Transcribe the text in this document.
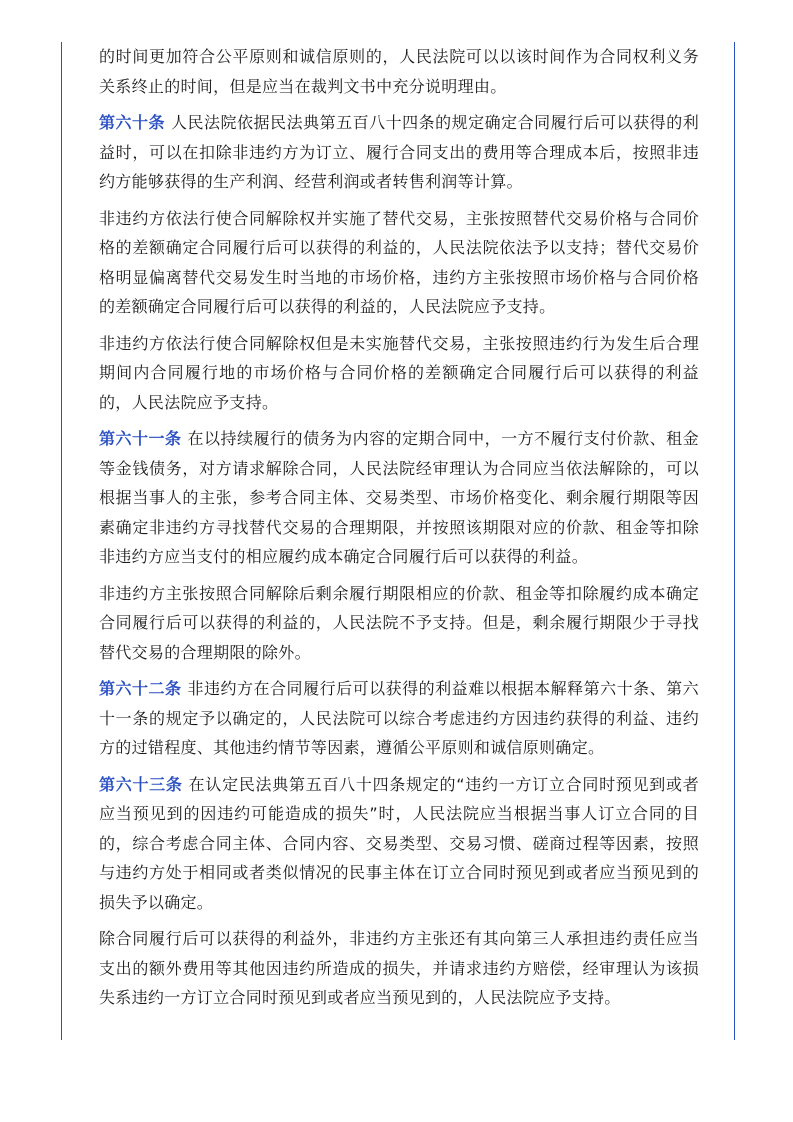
的时间更加符合公平原则和诚信原则的，人民法院可以以该时间作为合同权利义务关系终止的时间，但是应当在裁判文书中充分说明理由。

第六十条 人民法院依据民法典第五百八十四条的规定确定合同履行后可以获得的利益时，可以在扣除非违约方为订立、履行合同支出的费用等合理成本后，按照非违约方能够获得的生产利润、经营利润或者转售利润等计算。

非违约方依法行使合同解除权并实施了替代交易，主张按照替代交易价格与合同价格的差额确定合同履行后可以获得的利益的，人民法院依法予以支持；替代交易价格明显偏离替代交易发生时当地的市场价格，违约方主张按照市场价格与合同价格的差额确定合同履行后可以获得的利益的，人民法院应予支持。

非违约方依法行使合同解除权但是未实施替代交易，主张按照违约行为发生后合理期间内合同履行地的市场价格与合同价格的差额确定合同履行后可以获得的利益的，人民法院应予支持。

第六十一条 在以持续履行的债务为内容的定期合同中，一方不履行支付价款、租金等金钱债务，对方请求解除合同，人民法院经审理认为合同应当依法解除的，可以根据当事人的主张，参考合同主体、交易类型、市场价格变化、剩余履行期限等因素确定非违约方寻找替代交易的合理期限，并按照该期限对应的价款、租金等扣除非违约方应当支付的相应履约成本确定合同履行后可以获得的利益。

非违约方主张按照合同解除后剩余履行期限相应的价款、租金等扣除履约成本确定合同履行后可以获得的利益的，人民法院不予支持。但是，剩余履行期限少于寻找替代交易的合理期限的除外。

第六十二条 非违约方在合同履行后可以获得的利益难以根据本解释第六十条、第六十一条的规定予以确定的，人民法院可以综合考虑违约方因违约获得的利益、违约方的过错程度、其他违约情节等因素，遵循公平原则和诚信原则确定。

第六十三条 在认定民法典第五百八十四条规定的“违约一方订立合同时预见到或者应当预见到的因违约可能造成的损失”时，人民法院应当根据当事人订立合同的目的，综合考虑合同主体、合同内容、交易类型、交易习惯、磋商过程等因素，按照与违约方处于相同或者类似情况的民事主体在订立合同时预见到或者应当预见到的损失予以确定。

除合同履行后可以获得的利益外，非违约方主张还有其向第三人承担违约责任应当支出的额外费用等其他因违约所造成的损失，并请求违约方赔偿，经审理认为该损失系违约一方订立合同时预见到或者应当预见到的，人民法院应予支持。
